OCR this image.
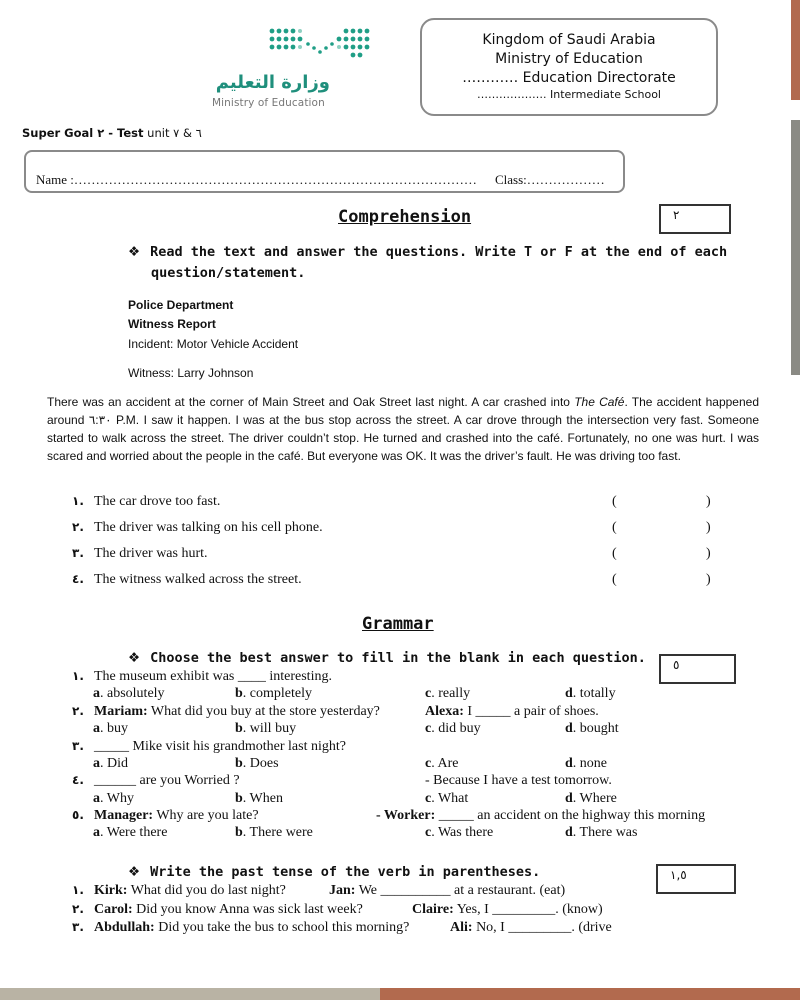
وزارة التعليم
Ministry of Education
Kingdom of Saudi Arabia
Ministry of Education
………… Education Directorate
………………. Intermediate School
Super Goal ٢ - Test unit ٦ & ٧
Name :………………………………………………………………………………… Class:………………
Comprehension	٢
❖ Read the text and answer the questions. Write T or F at the end of each
question/statement.
Police Department
Witness Report
Incident: Motor Vehicle Accident
Witness: Larry Johnson
There was an accident at the corner of Main Street and Oak Street last night. A car crashed into The Café. The accident happened around ٦:٣٠ P.M. I saw it happen. I was at the bus stop across the street. A car drove through the intersection very fast. Someone started to walk across the street. The driver couldn’t stop. He turned and crashed into the café. Fortunately, no one was hurt. I was scared and worried about the people in the café. But everyone was OK. It was the driver’s fault. He was driving too fast.
١. The car drove too fast.	(	)
٢. The driver was talking on his cell phone.	(	)
٣. The driver was hurt.	(	)
٤. The witness walked across the street.	(	)
Grammar
❖ Choose the best answer to fill in the blank in each question.	٥
١. The museum exhibit was ____ interesting.
a. absolutely	b. completely	c. really	d. totally
٢. Mariam: What did you buy at the store yesterday?	Alexa: I _____ a pair of shoes.
a. buy	b. will buy	c. did buy	d. bought
٣. _____ Mike visit his grandmother last night?
a. Did	b. Does	c. Are	d. none
٤. ______ are you Worried ?	- Because I have a test tomorrow.
a. Why	b. When	c. What	d. Where
٥. Manager: Why are you late?	- Worker: _____ an accident on the highway this morning
a. Were there	b. There were	c. Was there	d. There was
❖ Write the past tense of the verb in parentheses.	١,٥
١. Kirk: What did you do last night?	Jan: We __________ at a restaurant. (eat)
٢. Carol: Did you know Anna was sick last week?	Claire: Yes, I _________. (know)
٣. Abdullah: Did you take the bus to school this morning?	Ali: No, I _________. (drive
